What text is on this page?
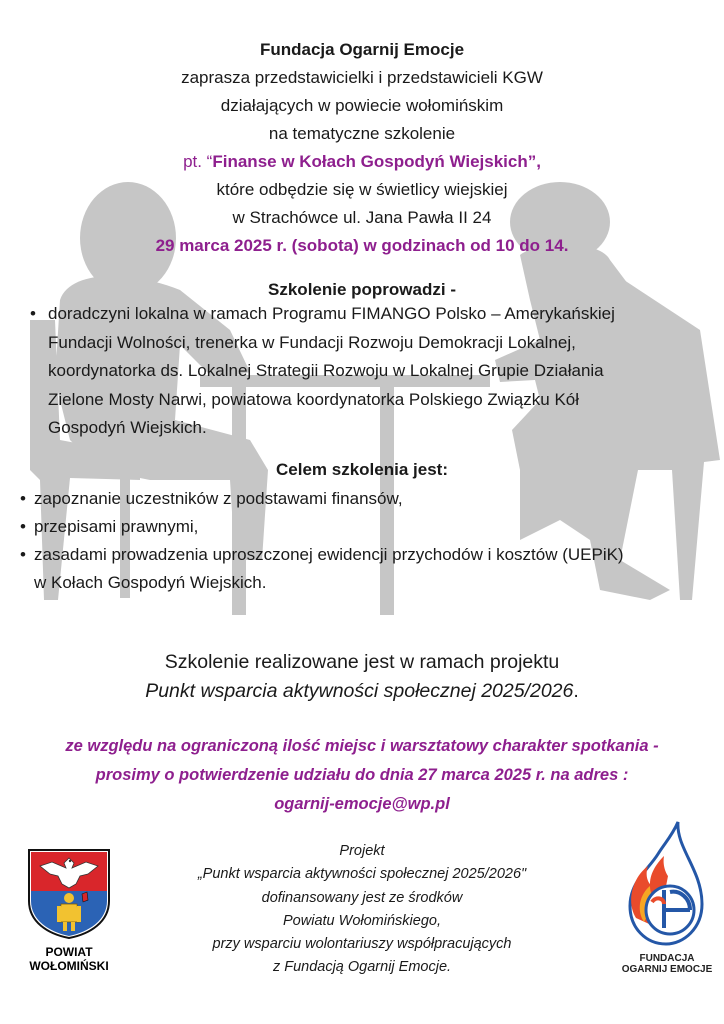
Fundacja Ogarnij Emocje
zaprasza przedstawicielki i przedstawicieli KGW
działających w powiecie wołomińskim
na tematyczne szkolenie
pt. “Finanse w Kołach Gospodyń Wiejskich”,
które odbędzie się w świetlicy wiejskiej
w Strachówce ul. Jana Pawła II 24
29 marca 2025 r. (sobota) w godzinach od 10 do 14.
Szkolenie poprowadzi -
• doradczyni lokalna w ramach Programu FIMANGO Polsko – Amerykańskiej
Fundacji Wolności, trenerka w Fundacji Rozwoju Demokracji Lokalnej,
koordynatorka ds. Lokalnej Strategii Rozwoju w Lokalnej Grupie Działania
Zielone Mosty Narwi, powiatowa koordynatorka Polskiego Związku Kół
Gospodyń Wiejskich.
Celem szkolenia jest:
• zapoznanie uczestników z podstawami finansów,
• przepisami prawnymi,
• zasadami prowadzenia uproszczonej ewidencji przychodów i kosztów (UEPiK)
w Kołach Gospodyń Wiejskich.
Szkolenie realizowane jest w ramach projektu
Punkt wsparcia aktywności społecznej 2025/2026.
ze względu na ograniczoną ilość miejsc i warsztatowy charakter spotkania -
prosimy o potwierdzenie udziału do dnia 27 marca 2025 r. na adres :
ogarnij-emocje@wp.pl
Projekt
„Punkt wsparcia aktywności społecznej 2025/2026"
dofinansowany jest ze środków
Powiatu Wołomińskiego,
przy wsparciu wolontariuszy współpracujących
z Fundacją Ogarnij Emocje.
POWIAT
WOŁOMIŃSKI
FUNDACJA
OGARNIJ EMOCJE
